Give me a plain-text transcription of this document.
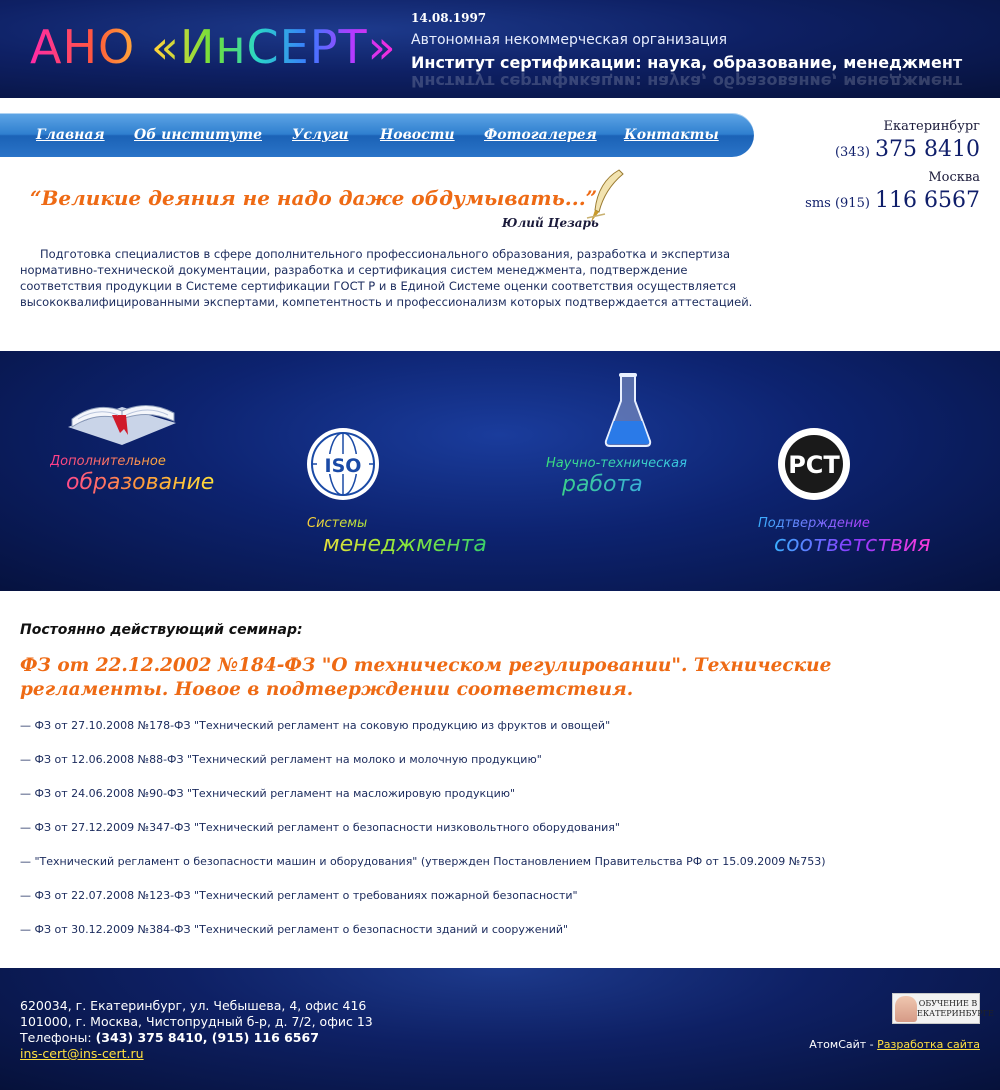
АНО «ИнСЕРТ»
14.08.1997
Автономная некоммерческая организация
Институт сертификации: наука, образование, менеджмент
Институт сертификации: наука, образование, менеджмент
Главная Об институте Услуги Новости Фотогалерея Контакты
Екатеринбург
(343) 375 8410
Москва
sms (915) 116 6567
“Великие деяния не надо даже обдумывать...”
Юлий Цезарь

Подготовка специалистов в сфере дополнительного профессионального образования, разработка и экспертиза нормативно-технической документации, разработка и сертификация систем менеджмента, подтверждение соответствия продукции в Системе сертификации ГОСТ Р и в Единой Системе оценки соответствия осуществляется высококвалифицированными экспертами, компетентность и профессионализм которых подтверждается аттестацией.

ISO	РСТ
Дополнительное
образование
Системы
менеджмента
Научно-техническая
работа
Подтверждение
соответствия
Постоянно действующий семинар:
ФЗ от 22.12.2002 №184-ФЗ "О техническом регулировании". Технические регламенты. Новое в подтверждении соответствия.
— ФЗ от 27.10.2008 №178-ФЗ "Технический регламент на соковую продукцию из фруктов и овощей"
— ФЗ от 12.06.2008 №88-ФЗ "Технический регламент на молоко и молочную продукцию"
— ФЗ от 24.06.2008 №90-ФЗ "Технический регламент на масложировую продукцию"
— ФЗ от 27.12.2009 №347-ФЗ "Технический регламент о безопасности низковольтного оборудования"
— "Технический регламент о безопасности машин и оборудования" (утвержден Постановлением Правительства РФ от 15.09.2009 №753)
— ФЗ от 22.07.2008 №123-ФЗ "Технический регламент о требованиях пожарной безопасности"
— ФЗ от 30.12.2009 №384-ФЗ "Технический регламент о безопасности зданий и сооружений"
620034, г. Екатеринбург, ул. Чебышева, 4, офис 416
101000, г. Москва, Чистопрудный б-р, д. 7/2, офис 13
Телефоны: (343) 375 8410, (915) 116 6567
ins-cert@ins-cert.ru
ОБУЧЕНИЕ В ЕКАТЕРИНБУРГЕ
АтомСайт - Разработка сайта
